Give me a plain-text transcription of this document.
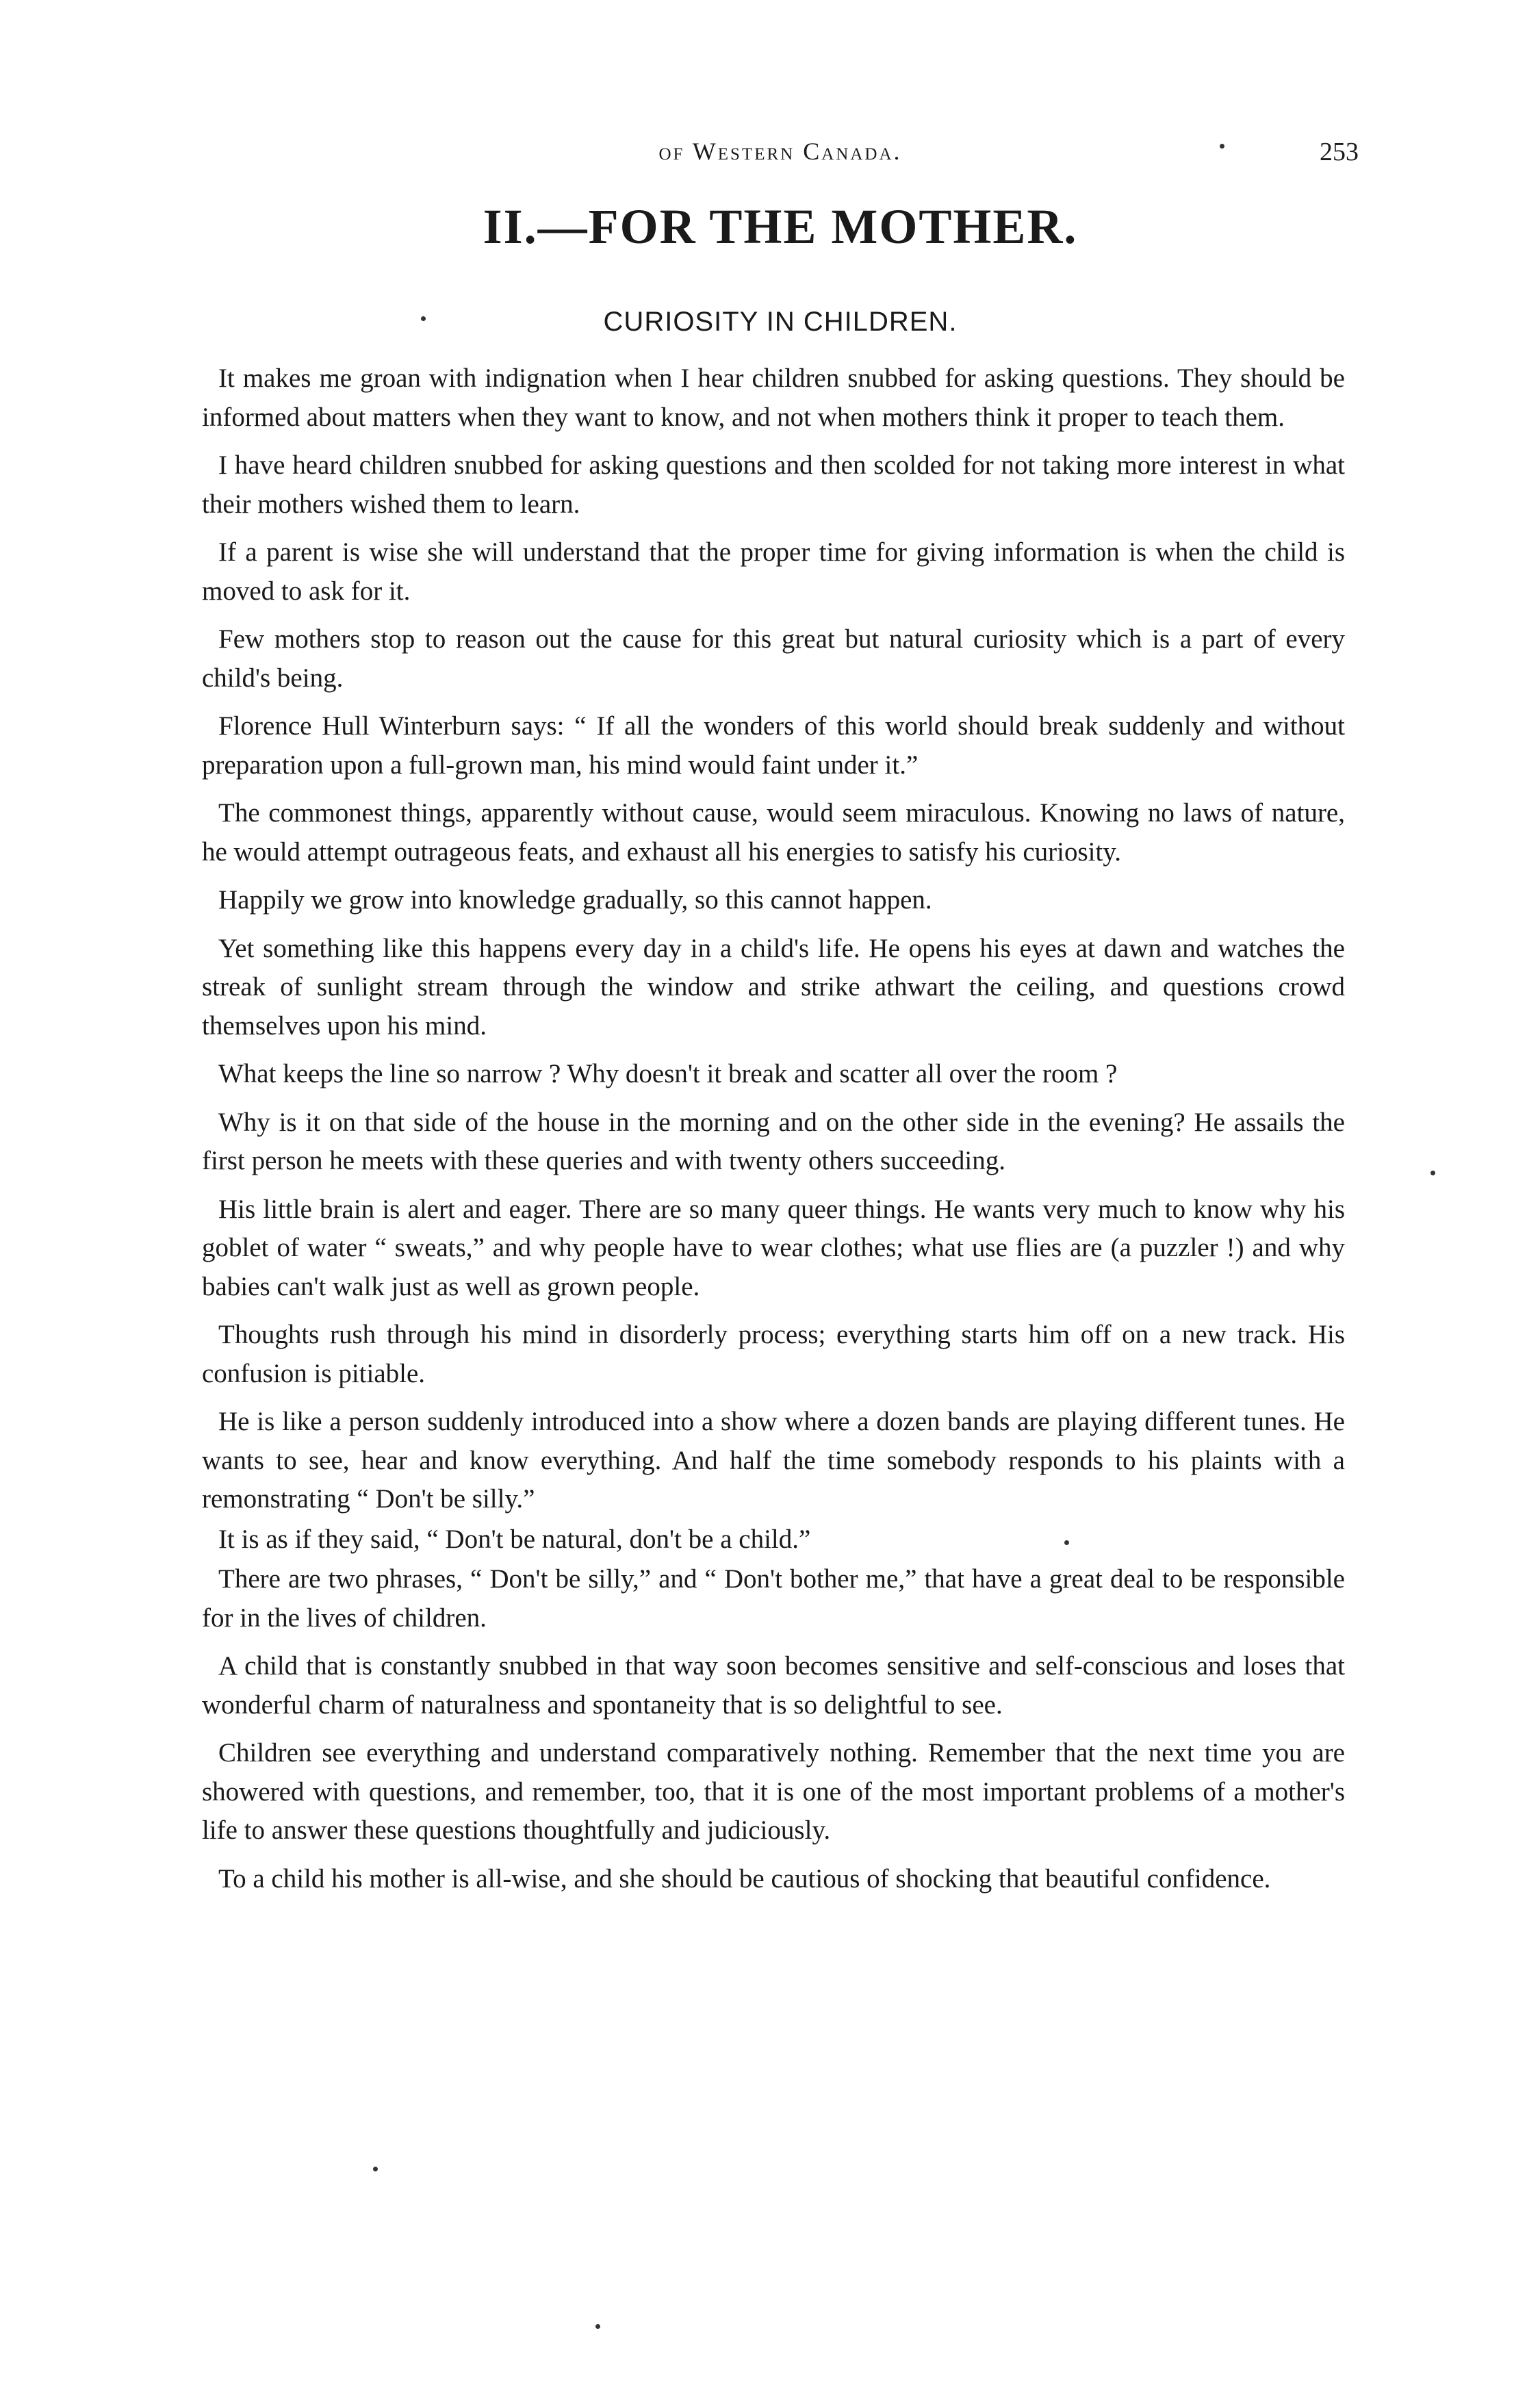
of Western Canada.	253
II.—FOR THE MOTHER.
CURIOSITY IN CHILDREN.

It makes me groan with indignation when I hear children snubbed for asking questions. They should be informed about matters when they want to know, and not when mothers think it proper to teach them.

I have heard children snubbed for asking questions and then scolded for not taking more interest in what their mothers wished them to learn.

If a parent is wise she will understand that the proper time for giving information is when the child is moved to ask for it.

Few mothers stop to reason out the cause for this great but natural curiosity which is a part of every child's being.

Florence Hull Winterburn says: “ If all the wonders of this world should break suddenly and without preparation upon a full-grown man, his mind would faint under it.”

The commonest things, apparently without cause, would seem miraculous. Knowing no laws of nature, he would attempt outrageous feats, and exhaust all his energies to satisfy his curiosity.

Happily we grow into knowledge gradually, so this cannot happen.

Yet something like this happens every day in a child's life. He opens his eyes at dawn and watches the streak of sunlight stream through the window and strike athwart the ceiling, and questions crowd themselves upon his mind.

What keeps the line so narrow ? Why doesn't it break and scatter all over the room ?

Why is it on that side of the house in the morning and on the other side in the evening? He assails the first person he meets with these queries and with twenty others succeeding.

His little brain is alert and eager. There are so many queer things. He wants very much to know why his goblet of water “ sweats,” and why people have to wear clothes; what use flies are (a puzzler !) and why babies can't walk just as well as grown people.

Thoughts rush through his mind in disorderly process; everything starts him off on a new track. His confusion is pitiable.

He is like a person suddenly introduced into a show where a dozen bands are playing different tunes. He wants to see, hear and know everything. And half the time somebody responds to his plaints with a remonstrating “ Don't be silly.”

It is as if they said, “ Don't be natural, don't be a child.”

There are two phrases, “ Don't be silly,” and “ Don't bother me,” that have a great deal to be responsible for in the lives of children.

A child that is constantly snubbed in that way soon becomes sensitive and self-conscious and loses that wonderful charm of naturalness and spontaneity that is so delightful to see.

Children see everything and understand comparatively nothing. Remember that the next time you are showered with questions, and remember, too, that it is one of the most important problems of a mother's life to answer these questions thoughtfully and judiciously.

To a child his mother is all-wise, and she should be cautious of shocking that beautiful confidence.
